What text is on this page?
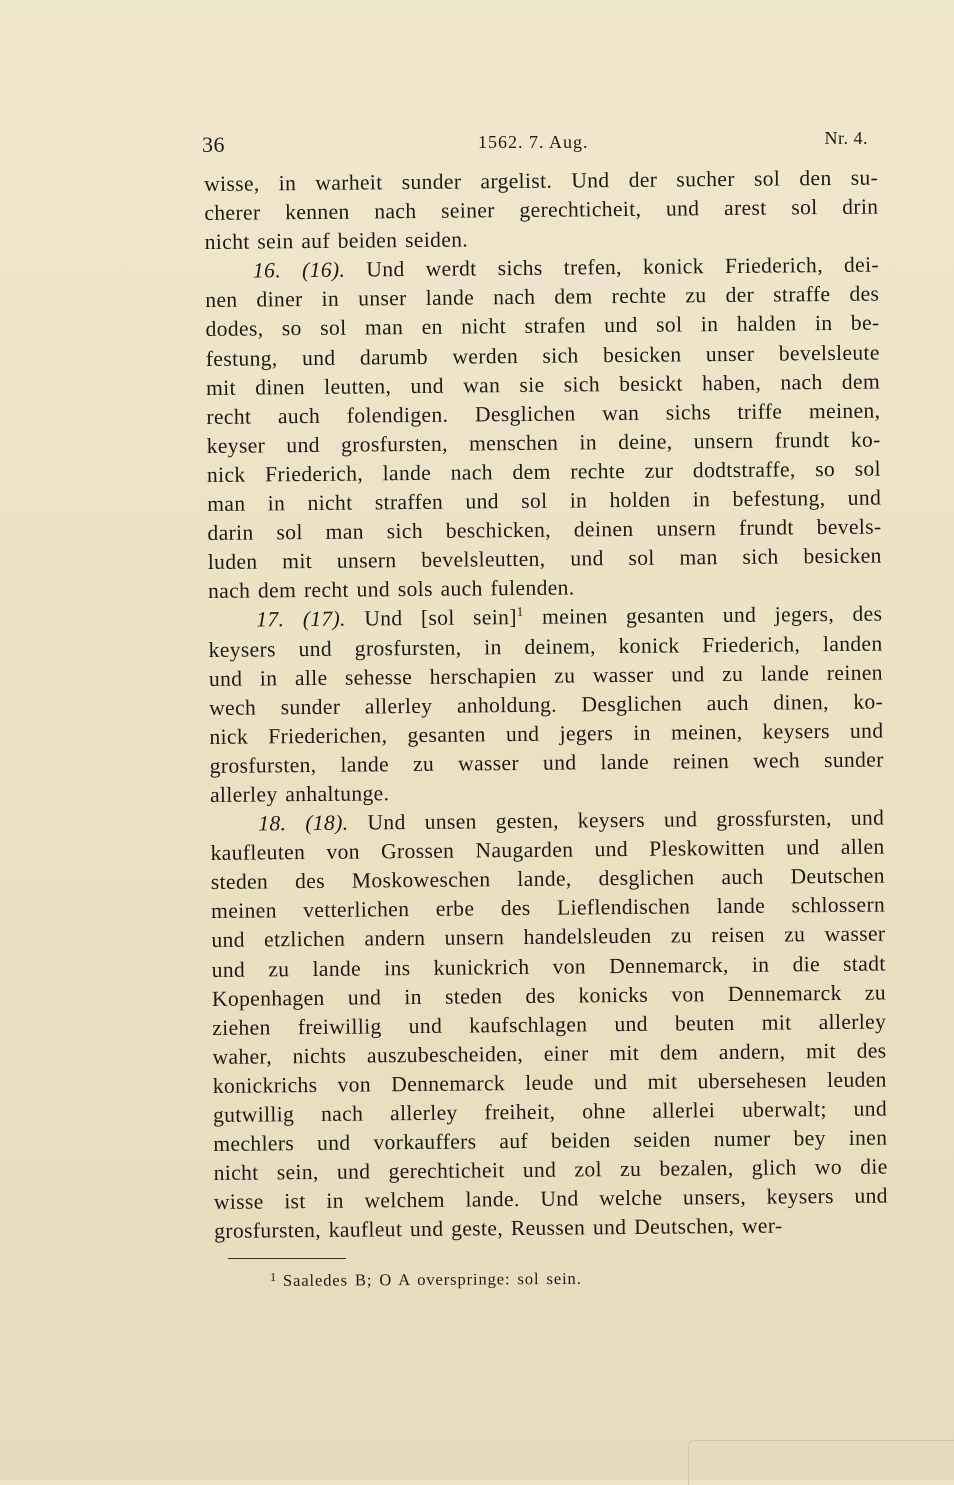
36	1562. 7. Aug.	Nr. 4.
wisse, in warheit sunder argelist. Und der sucher sol den su-
cherer kennen nach seiner gerechticheit, und arest sol drin
nicht sein auf beiden seiden.
16. (16). Und werdt sichs trefen, konick Friederich, dei-
nen diner in unser lande nach dem rechte zu der straffe des
dodes, so sol man en nicht strafen und sol in halden in be-
festung, und darumb werden sich besicken unser bevelsleute
mit dinen leutten, und wan sie sich besickt haben, nach dem
recht auch folendigen. Desglichen wan sichs triffe meinen,
keyser und grosfursten, menschen in deine, unsern frundt ko-
nick Friederich, lande nach dem rechte zur dodtstraffe, so sol
man in nicht straffen und sol in holden in befestung, und
darin sol man sich beschicken, deinen unsern frundt bevels-
luden mit unsern bevelsleutten, und sol man sich besicken
nach dem recht und sols auch fulenden.
17. (17). Und [sol sein]$^1$ meinen gesanten und jegers, des
keysers und grosfursten, in deinem, konick Friederich, landen
und in alle sehesse herschapien zu wasser und zu lande reinen
wech sunder allerley anholdung. Desglichen auch dinen, ko-
nick Friederichen, gesanten und jegers in meinen, keysers und
grosfursten, lande zu wasser und lande reinen wech sunder
allerley anhaltunge.
18. (18). Und unsen gesten, keysers und grossfursten, und
kaufleuten von Grossen Naugarden und Pleskowitten und allen
steden des Moskoweschen lande, desglichen auch Deutschen
meinen vetterlichen erbe des Lieflendischen lande schlossern
und etzlichen andern unsern handelsleuden zu reisen zu wasser
und zu lande ins kunickrich von Dennemarck, in die stadt
Kopenhagen und in steden des konicks von Dennemarck zu
ziehen freiwillig und kaufschlagen und beuten mit allerley
waher, nichts auszubescheiden, einer mit dem andern, mit des
konickrichs von Dennemarck leude und mit ubersehesen leuden
gutwillig nach allerley freiheit, ohne allerlei uberwalt; und
mechlers und vorkauffers auf beiden seiden numer bey inen
nicht sein, und gerechticheit und zol zu bezalen, glich wo die
wisse ist in welchem lande. Und welche unsers, keysers und
grosfursten, kaufleut und geste, Reussen und Deutschen, wer-
$^1$ Saaledes B; O A overspringe: sol sein.
